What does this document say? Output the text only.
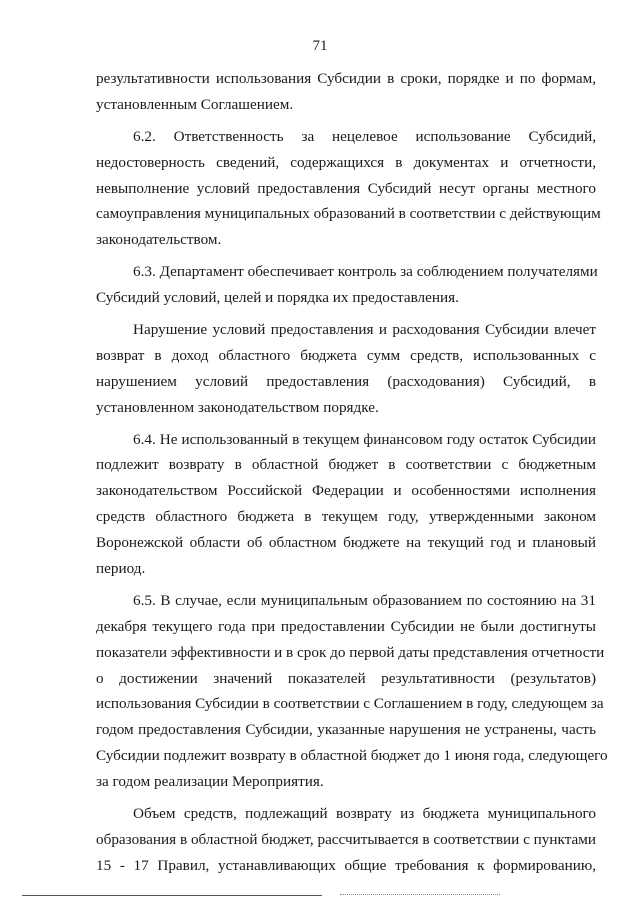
71
результативности использования Субсидии в сроки, порядке и по формам,
установленным Соглашением.
6.2. Ответственность за нецелевое использование Субсидий,
недостоверность сведений, содержащихся в документах и отчетности,
невыполнение условий предоставления Субсидий несут органы местного
самоуправления муниципальных образований в соответствии с действующим
законодательством.
6.3. Департамент обеспечивает контроль за соблюдением получателями
Субсидий условий, целей и порядка их предоставления.
Нарушение условий предоставления и расходования Субсидии влечет
возврат в доход областного бюджета сумм средств, использованных с
нарушением условий предоставления (расходования) Субсидий, в
установленном законодательством порядке.
6.4. Не использованный в текущем финансовом году остаток Субсидии
подлежит возврату в областной бюджет в соответствии с бюджетным
законодательством Российской Федерации и особенностями исполнения
средств областного бюджета в текущем году, утвержденными законом
Воронежской области об областном бюджете на текущий год и плановый
период.
6.5. В случае, если муниципальным образованием по состоянию на 31
декабря текущего года при предоставлении Субсидии не были достигнуты
показатели эффективности и в срок до первой даты представления отчетности
о достижении значений показателей результативности (результатов)
использования Субсидии в соответствии с Соглашением в году, следующем за
годом предоставления Субсидии, указанные нарушения не устранены, часть
Субсидии подлежит возврату в областной бюджет до 1 июня года, следующего
за годом реализации Мероприятия.
Объем средств, подлежащий возврату из бюджета муниципального
образования в областной бюджет, рассчитывается в соответствии с пунктами
15 - 17 Правил, устанавливающих общие требования к формированию,
